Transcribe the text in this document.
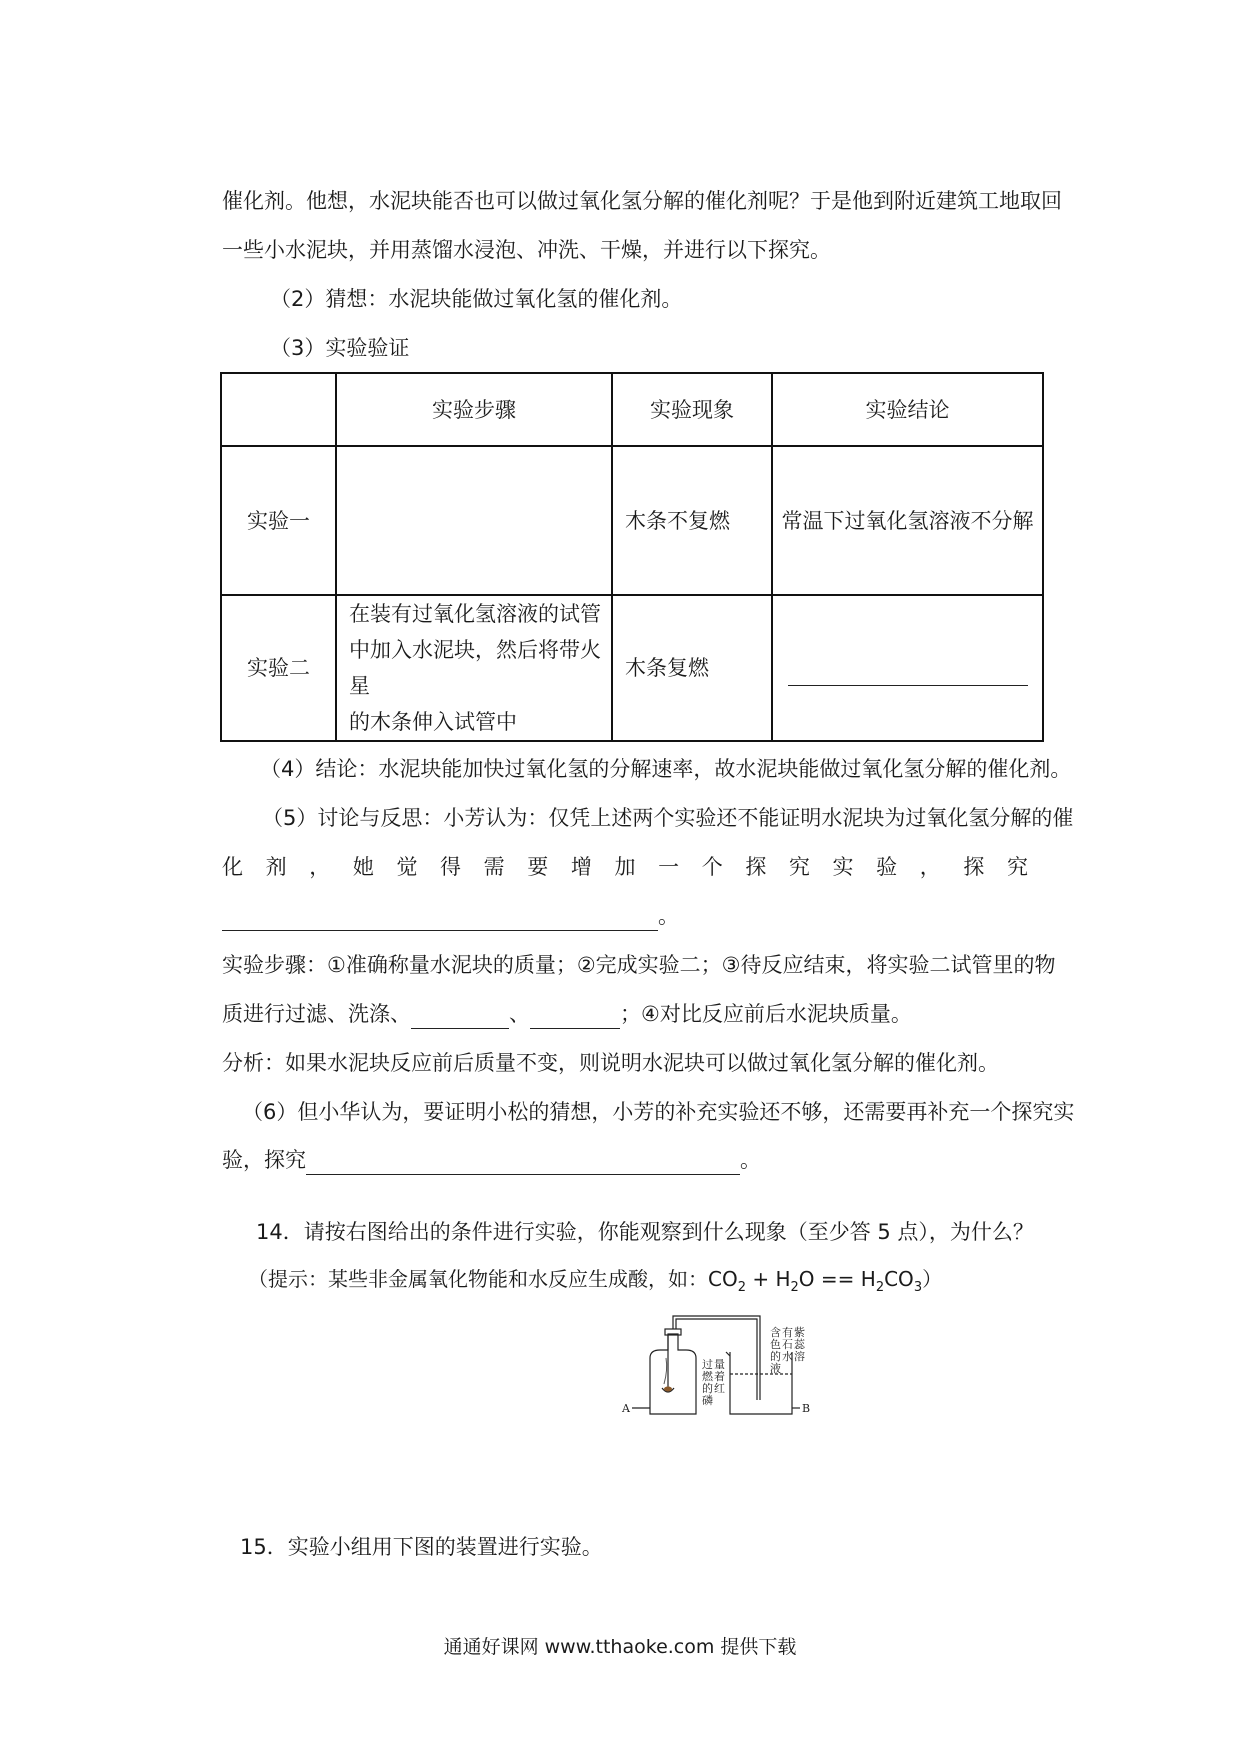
催化剂。他想，水泥块能否也可以做过氧化氢分解的催化剂呢？于是他到附近建筑工地取回
一些小水泥块，并用蒸馏水浸泡、冲洗、干燥，并进行以下探究。
（2）猜想：水泥块能做过氧化氢的催化剂。
（3）实验验证
	实验步骤	实验现象	实验结论
实验一		木条不复燃	常温下过氧化氢溶液不分解
实验二	在装有过氧化氢溶液的试管
中加入水泥块，然后将带火星
的木条伸入试管中	木条复燃	
（4）结论：水泥块能加快过氧化氢的分解速率，故水泥块能做过氧化氢分解的催化剂。
（5）讨论与反思：小芳认为：仅凭上述两个实验还不能证明水泥块为过氧化氢分解的催
化 剂 ， 她 觉 得 需 要 增 加 一 个 探 究 实 验 ， 探 究
。
实验步骤：①准确称量水泥块的质量；②完成实验二；③待反应结束，将实验二试管里的物
质进行过滤、洗涤、	、	；④对比反应前后水泥块质量。
分析：如果水泥块反应前后质量不变，则说明水泥块可以做过氧化氢分解的催化剂。
（6）但小华认为，要证明小松的猜想，小芳的补充实验还不够，还需要再补充一个探究实
验，探究	。
14．请按右图给出的条件进行实验，你能观察到什么现象（至少答 5 点），为什么？
（提示：某些非金属氧化物能和水反应生成酸，如：$CO_2 + H_2O == H_2CO_3$）
过
燃
的
磷
量
着
红
含 有 紫
色 石 蕊
的 水 溶
液
A	B
15．实验小组用下图的装置进行实验。
通通好课网 www.tthaoke.com 提供下载
